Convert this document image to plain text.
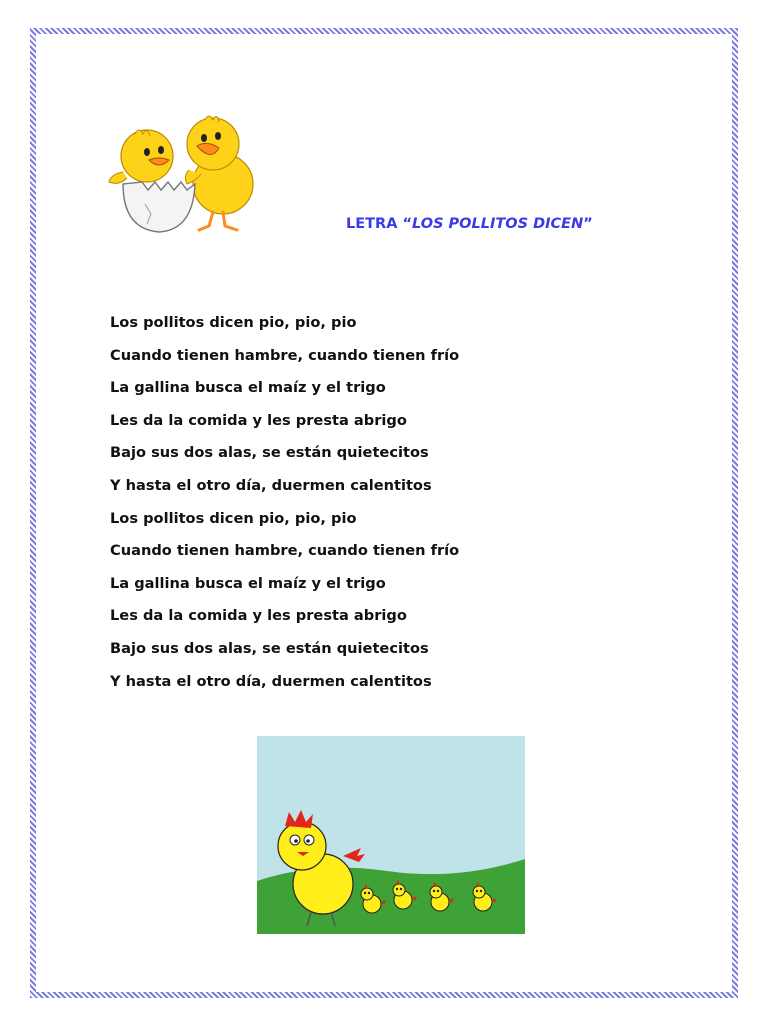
LETRA “LOS POLLITOS DICEN”
Los pollitos dicen pio, pio, pio
Cuando tienen hambre, cuando tienen frío
La gallina busca el maíz y el trigo
Les da la comida y les presta abrigo
Bajo sus dos alas, se están quietecitos
Y hasta el otro día, duermen calentitos
Los pollitos dicen pio, pio, pio
Cuando tienen hambre, cuando tienen frío
La gallina busca el maíz y el trigo
Les da la comida y les presta abrigo
Bajo sus dos alas, se están quietecitos
Y hasta el otro día, duermen calentitos
